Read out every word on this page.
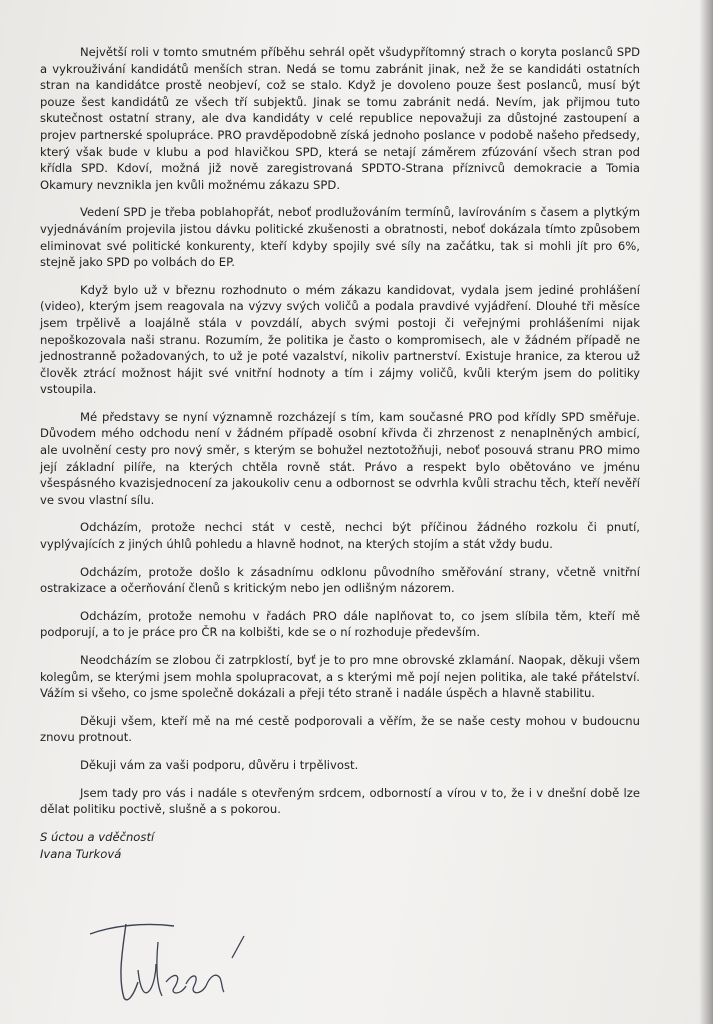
Největší roli v tomto smutném příběhu sehrál opět všudypřítomný strach o koryta poslanců SPD a vykrouživání kandidátů menších stran. Nedá se tomu zabránit jinak, než že se kandidáti ostatních stran na kandidátce prostě neobjeví, což se stalo. Když je dovoleno pouze šest poslanců, musí být pouze šest kandidátů ze všech tří subjektů. Jinak se tomu zabránit nedá. Nevím, jak přijmou tuto skutečnost ostatní strany, ale dva kandidáty v celé republice nepovažuji za důstojné zastoupení a projev partnerské spolupráce. PRO pravděpodobně získá jednoho poslance v podobě našeho předsedy, který však bude v klubu a pod hlavičkou SPD, která se netají záměrem zfúzování všech stran pod křídla SPD. Kdoví, možná již nově zaregistrovaná SPDTO-Strana příznivců demokracie a Tomia Okamury nevznikla jen kvůli možnému zákazu SPD.

Vedení SPD je třeba poblahopřát, neboť prodlužováním termínů, lavírováním s časem a plytkým vyjednáváním projevila jistou dávku politické zkušenosti a obratnosti, neboť dokázala tímto způsobem eliminovat své politické konkurenty, kteří kdyby spojily své síly na začátku, tak si mohli jít pro 6%, stejně jako SPD po volbách do EP.

Když bylo už v březnu rozhodnuto o mém zákazu kandidovat, vydala jsem jediné prohlášení (video), kterým jsem reagovala na výzvy svých voličů a podala pravdivé vyjádření. Dlouhé tři měsíce jsem trpělivě a loajálně stála v povzdálí, abych svými postoji či veřejnými prohlášeními nijak nepoškozovala naši stranu. Rozumím, že politika je často o kompromisech, ale v žádném případě ne jednostranně požadovaných, to už je poté vazalství, nikoliv partnerství. Existuje hranice, za kterou už člověk ztrácí možnost hájit své vnitřní hodnoty a tím i zájmy voličů, kvůli kterým jsem do politiky vstoupila.

Mé představy se nyní významně rozcházejí s tím, kam současné PRO pod křídly SPD směřuje. Důvodem mého odchodu není v žádném případě osobní křivda či zhrzenost z nenaplněných ambicí, ale uvolnění cesty pro nový směr, s kterým se bohužel neztotožňuji, neboť posouvá stranu PRO mimo její základní pilíře, na kterých chtěla rovně stát. Právo a respekt bylo obětováno ve jménu všespásného kvazisjednocení za jakoukoliv cenu a odbornost se odvrhla kvůli strachu těch, kteří nevěří ve svou vlastní sílu.

Odcházím, protože nechci stát v cestě, nechci být příčinou žádného rozkolu či pnutí, vyplývajících z jiných úhlů pohledu a hlavně hodnot, na kterých stojím a stát vždy budu.

Odcházím, protože došlo k zásadnímu odklonu původního směřování strany, včetně vnitřní ostrakizace a očerňování členů s kritickým nebo jen odlišným názorem.

Odcházím, protože nemohu v řadách PRO dále naplňovat to, co jsem slíbila těm, kteří mě podporují, a to je práce pro ČR na kolbišti, kde se o ní rozhoduje především.

Neodcházím se zlobou či zatrpklostí, byť je to pro mne obrovské zklamání. Naopak, děkuji všem kolegům, se kterými jsem mohla spolupracovat, a s kterými mě pojí nejen politika, ale také přátelství. Vážím si všeho, co jsme společně dokázali a přeji této straně i nadále úspěch a hlavně stabilitu.

Děkuji všem, kteří mě na mé cestě podporovali a věřím, že se naše cesty mohou v budoucnu znovu protnout.

Děkuji vám za vaši podporu, důvěru i trpělivost.

Jsem tady pro vás i nadále s otevřeným srdcem, odborností a vírou v to, že i v dnešní době lze dělat politiku poctivě, slušně a s pokorou.

S úctou a vděčností
Ivana Turková
